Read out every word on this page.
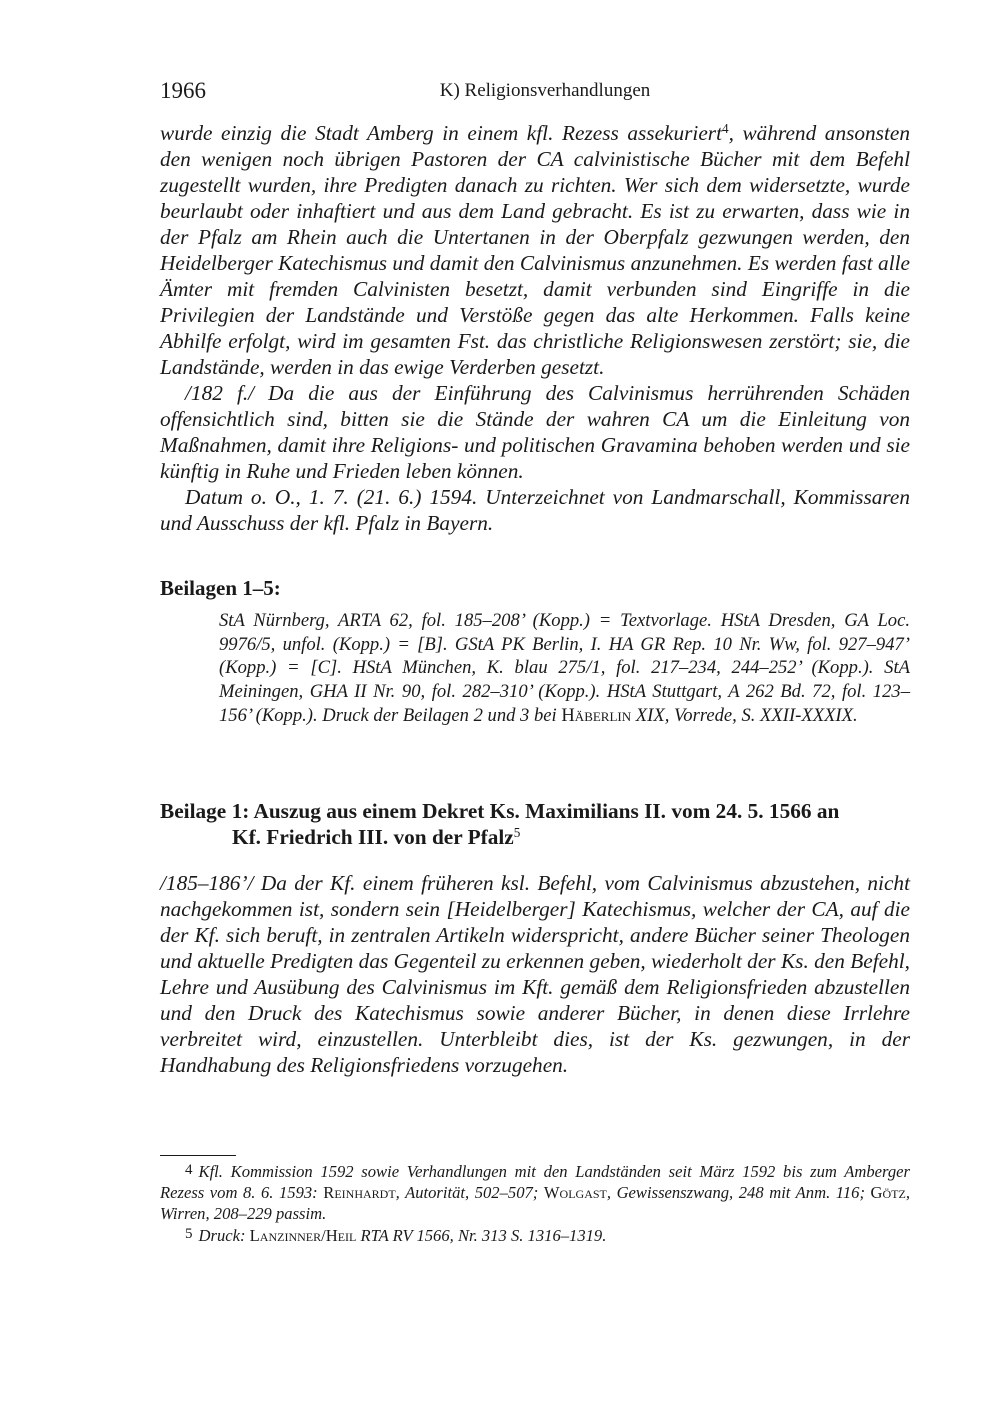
1966	K) Religionsverhandlungen

wurde einzig die Stadt Amberg in einem kfl. Rezess assekuriert$^4$, während ansonsten den wenigen noch übrigen Pastoren der CA calvinistische Bücher mit dem Befehl zugestellt wurden, ihre Predigten danach zu richten. Wer sich dem widersetzte, wurde beurlaubt oder inhaftiert und aus dem Land gebracht. Es ist zu erwarten, dass wie in der Pfalz am Rhein auch die Untertanen in der Oberpfalz gezwungen werden, den Heidelberger Katechismus und damit den Calvinismus anzunehmen. Es werden fast alle Ämter mit fremden Calvinisten besetzt, damit verbunden sind Eingriffe in die Privilegien der Landstände und Verstöße gegen das alte Herkommen. Falls keine Abhilfe erfolgt, wird im gesamten Fst. das christliche Religionswesen zerstört; sie, die Landstände, werden in das ewige Verderben gesetzt.

/182 f./ Da die aus der Einführung des Calvinismus herrührenden Schäden offensichtlich sind, bitten sie die Stände der wahren CA um die Einleitung von Maßnahmen, damit ihre Religions- und politischen Gravamina behoben werden und sie künftig in Ruhe und Frieden leben können.

Datum o. O., 1. 7. (21. 6.) 1594. Unterzeichnet von Landmarschall, Kommissaren und Ausschuss der kfl. Pfalz in Bayern.

Beilagen 1–5:

StA Nürnberg, ARTA 62, fol. 185–208’ (Kopp.) = Textvorlage. HStA Dresden, GA Loc. 9976/5, unfol. (Kopp.) = [B]. GStA PK Berlin, I. HA GR Rep. 10 Nr. Ww, fol. 927–947’ (Kopp.) = [C]. HStA München, K. blau 275/1, fol. 217–234, 244–252’ (Kopp.). StA Meiningen, GHA II Nr. 90, fol. 282–310’ (Kopp.). HStA Stuttgart, A 262 Bd. 72, fol. 123–156’ (Kopp.). Druck der Beilagen 2 und 3 bei Häberlin XIX, Vorrede, S. XXII-XXXIX.

Beilage 1: Auszug aus einem Dekret Ks. Maximilians II. vom 24. 5. 1566 an
Kf. Friedrich III. von der Pfalz$^5$

/185–186’/ Da der Kf. einem früheren ksl. Befehl, vom Calvinismus abzustehen, nicht nachgekommen ist, sondern sein [Heidelberger] Katechismus, welcher der CA, auf die der Kf. sich beruft, in zentralen Artikeln widerspricht, andere Bücher seiner Theologen und aktuelle Predigten das Gegenteil zu erkennen geben, wiederholt der Ks. den Befehl, Lehre und Ausübung des Calvinismus im Kft. gemäß dem Religionsfrieden abzustellen und den Druck des Katechismus sowie anderer Bücher, in denen diese Irrlehre verbreitet wird, einzustellen. Unterbleibt dies, ist der Ks. gezwungen, in der Handhabung des Religionsfriedens vorzugehen.

4 Kfl. Kommission 1592 sowie Verhandlungen mit den Landständen seit März 1592 bis zum Amberger Rezess vom 8. 6. 1593: Reinhardt, Autorität, 502–507; Wolgast, Gewissenszwang, 248 mit Anm. 116; Götz, Wirren, 208–229 passim.

5 Druck: Lanzinner/Heil RTA RV 1566, Nr. 313 S. 1316–1319.
